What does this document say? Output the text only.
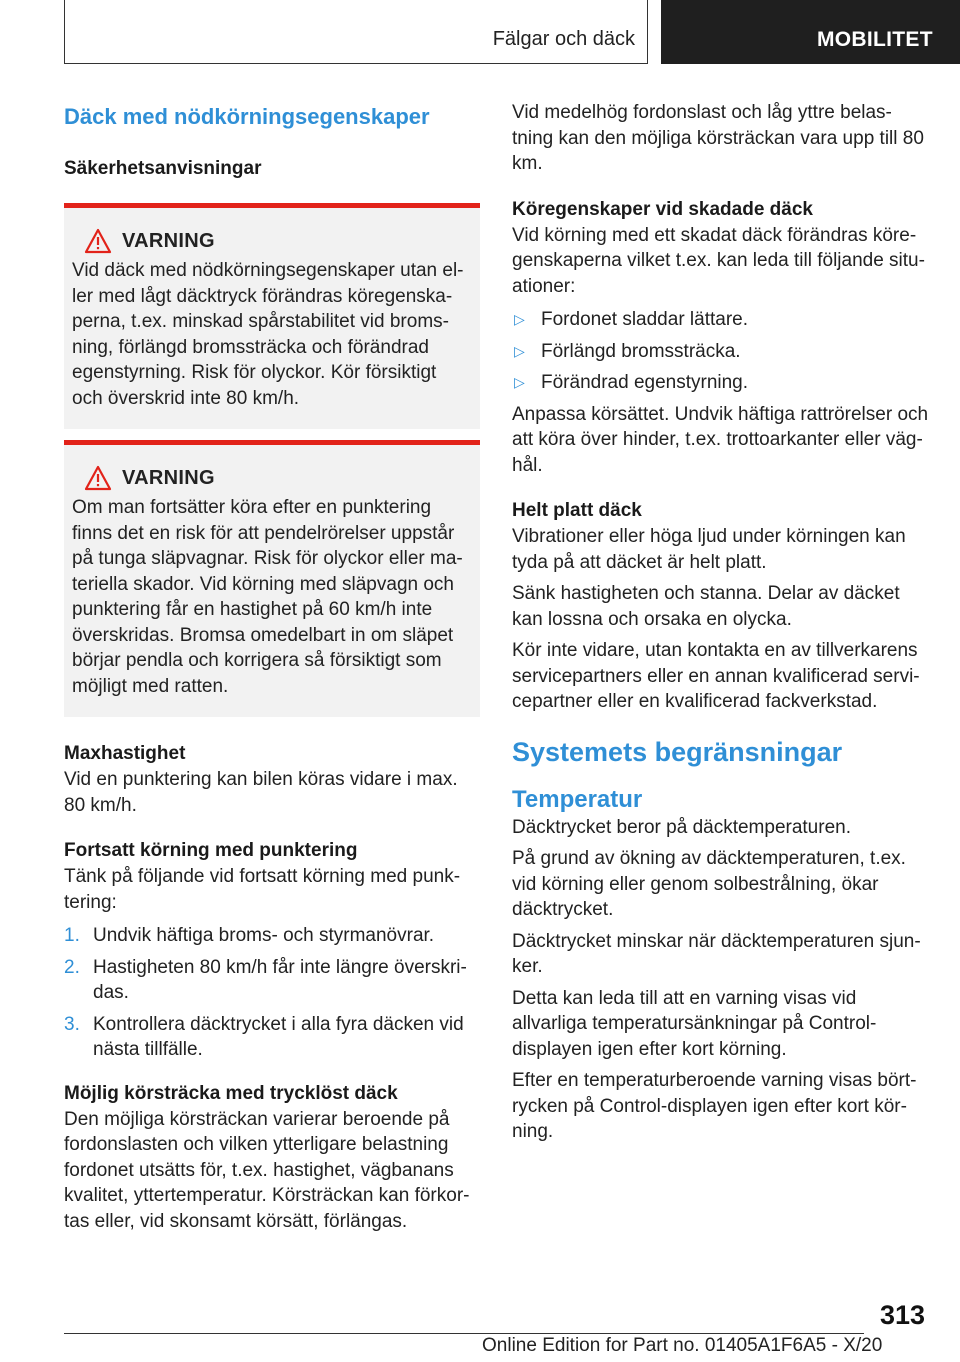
Fälgar och däck	MOBILITET
Däck med nödkörningsegenskaper
Säkerhetsanvisningar
VARNING

Vid däck med nödkörningsegenskaper utan el-ler med lågt däcktryck förändras köregenska-perna, t.ex. minskad spårstabilitet vid broms-ning, förlängd bromssträcka och förändrad egenstyrning. Risk för olyckor. Kör försiktigt och överskrid inte 80 km/h.

VARNING

Om man fortsätter köra efter en punktering finns det en risk för att pendelrörelser uppstår på tunga släpvagnar. Risk för olyckor eller ma-teriella skador. Vid körning med släpvagn och punktering får en hastighet på 60 km/h inte överskridas. Bromsa omedelbart in om släpet börjar pendla och korrigera så försiktigt som möjligt med ratten.

Maxhastighet

Vid en punktering kan bilen köras vidare i max. 80 km/h.

Fortsatt körning med punktering

Tänk på följande vid fortsatt körning med punk-tering:

1. Undvik häftiga broms- och styrmanövrar.
2. Hastigheten 80 km/h får inte längre överskri-das.
3. Kontrollera däcktrycket i alla fyra däcken vid nästa tillfälle.
Möjlig körsträcka med trycklöst däck

Den möjliga körsträckan varierar beroende på fordonslasten och vilken ytterligare belastning fordonet utsätts för, t.ex. hastighet, vägbanans kvalitet, yttertemperatur. Körsträckan kan förkor-tas eller, vid skonsamt körsätt, förlängas.

Vid medelhög fordonslast och låg yttre belas-tning kan den möjliga körsträckan vara upp till 80 km.

Köregenskaper vid skadade däck

Vid körning med ett skadat däck förändras köre-genskaperna vilket t.ex. kan leda till följande situ-ationer:

▷ Fordonet sladdar lättare.
▷ Förlängd bromssträcka.
▷ Förändrad egenstyrning.

Anpassa körsättet. Undvik häftiga rattrörelser och att köra över hinder, t.ex. trottoarkanter eller väg-hål.

Helt platt däck

Vibrationer eller höga ljud under körningen kan tyda på att däcket är helt platt.

Sänk hastigheten och stanna. Delar av däcket kan lossna och orsaka en olycka.

Kör inte vidare, utan kontakta en av tillverkarens servicepartners eller en annan kvalificerad servi-cepartner eller en kvalificerad fackverkstad.

Systemets begränsningar
Temperatur

Däcktrycket beror på däcktemperaturen.

På grund av ökning av däcktemperaturen, t.ex. vid körning eller genom solbestrålning, ökar däcktrycket.

Däcktrycket minskar när däcktemperaturen sjun-ker.

Detta kan leda till att en varning visas vid allvarliga temperatursänkningar på Control-displayen igen efter kort körning.

Efter en temperaturberoende varning visas bört-rycken på Control-displayen igen efter kort kör-ning.

313
Online Edition for Part no. 01405A1F6A5 - X/20
